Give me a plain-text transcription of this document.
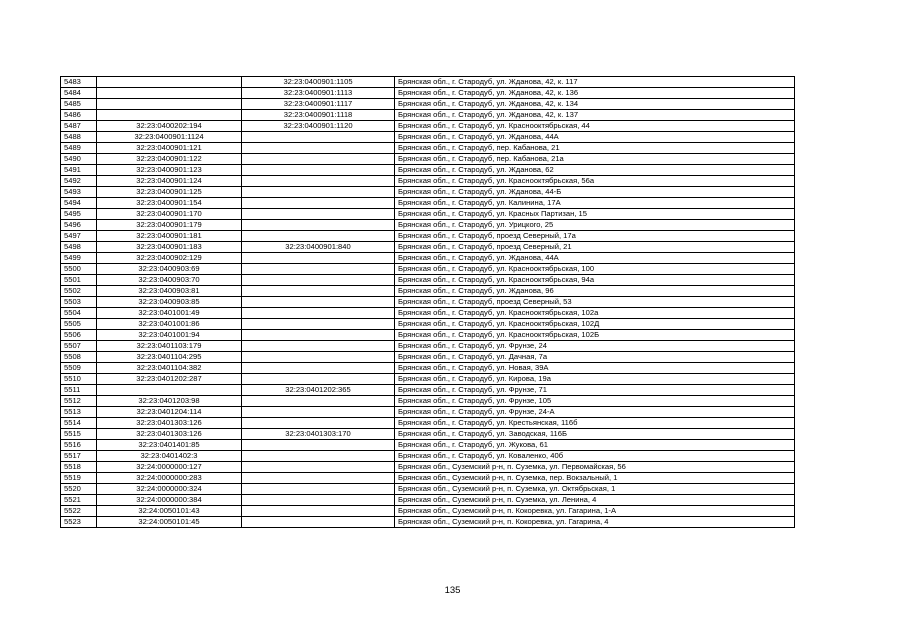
5483		32:23:0400901:1105	Брянская обл., г. Стародуб, ул. Жданова, 42, к. 117
5484		32:23:0400901:1113	Брянская обл., г. Стародуб, ул. Жданова, 42, к. 136
5485		32:23:0400901:1117	Брянская обл., г. Стародуб, ул. Жданова, 42, к. 134
5486		32:23:0400901:1118	Брянская обл., г. Стародуб, ул. Жданова, 42, к. 137
5487	32:23:0400202:194	32:23:0400901:1120	Брянская обл., г. Стародуб, ул. Краснооктябрьская, 44
5488	32:23:0400901:1124		Брянская обл., г. Стародуб, ул. Жданова, 44А
5489	32:23:0400901:121		Брянская обл., г. Стародуб, пер. Кабанова, 21
5490	32:23:0400901:122		Брянская обл., г. Стародуб, пер. Кабанова, 21а
5491	32:23:0400901:123		Брянская обл., г. Стародуб, ул. Жданова, 62
5492	32:23:0400901:124		Брянская обл., г. Стародуб, ул. Краснооктябрьская, 56а
5493	32:23:0400901:125		Брянская обл., г. Стародуб, ул. Жданова, 44-Б
5494	32:23:0400901:154		Брянская обл., г. Стародуб, ул. Калинина, 17А
5495	32:23:0400901:170		Брянская обл., г. Стародуб, ул. Красных Партизан, 15
5496	32:23:0400901:179		Брянская обл., г. Стародуб, ул. Урицкого, 25
5497	32:23:0400901:181		Брянская обл., г. Стародуб, проезд Северный, 17а
5498	32:23:0400901:183	32:23:0400901:840	Брянская обл., г. Стародуб, проезд Северный, 21
5499	32:23:0400902:129		Брянская обл., г. Стародуб, ул. Жданова, 44А
5500	32:23:0400903:69		Брянская обл., г. Стародуб, ул. Краснооктябрьская, 100
5501	32:23:0400903:70		Брянская обл., г. Стародуб, ул. Краснооктябрьская, 94а
5502	32:23:0400903:81		Брянская обл., г. Стародуб, ул. Жданова, 96
5503	32:23:0400903:85		Брянская обл., г. Стародуб, проезд Северный, 53
5504	32:23:0401001:49		Брянская обл., г. Стародуб, ул. Краснооктябрьская, 102а
5505	32:23:0401001:86		Брянская обл., г. Стародуб, ул. Краснооктябрьская, 102Д
5506	32:23:0401001:94		Брянская обл., г. Стародуб, ул. Краснооктябрьская, 102Б
5507	32:23:0401103:179		Брянская обл., г. Стародуб, ул. Фрунзе, 24
5508	32:23:0401104:295		Брянская обл., г. Стародуб, ул. Дачная, 7а
5509	32:23:0401104:382		Брянская обл., г. Стародуб, ул. Новая, 39А
5510	32:23:0401202:287		Брянская обл., г. Стародуб, ул. Кирова, 19а
5511		32:23:0401202:365	Брянская обл., г. Стародуб, ул. Фрунзе, 71
5512	32:23:0401203:98		Брянская обл., г. Стародуб, ул. Фрунзе, 105
5513	32:23:0401204:114		Брянская обл., г. Стародуб, ул. Фрунзе, 24-А
5514	32:23:0401303:126		Брянская обл., г. Стародуб, ул. Крестьянская, 116б
5515	32:23:0401303:126	32:23:0401303:170	Брянская обл., г. Стародуб, ул. Заводская, 116Б
5516	32:23:0401401:85		Брянская обл., г. Стародуб, ул. Жукова, 61
5517	32:23:0401402:3		Брянская обл., г. Стародуб, ул. Коваленко, 40б
5518	32:24:0000000:127		Брянская обл., Суземский р-н, п. Суземка, ул. Первомайская, 56
5519	32:24:0000000:283		Брянская обл., Суземский р-н, п. Суземка, пер. Вокзальный, 1
5520	32:24:0000000:324		Брянская обл., Суземский р-н, п. Суземка, ул. Октябрьская, 1
5521	32:24:0000000:384		Брянская обл., Суземский р-н, п. Суземка, ул. Ленина, 4
5522	32:24:0050101:43		Брянская обл., Суземский р-н, п. Кокоревка, ул. Гагарина, 1-А
5523	32:24:0050101:45		Брянская обл., Суземский р-н, п. Кокоревка, ул. Гагарина, 4
135
